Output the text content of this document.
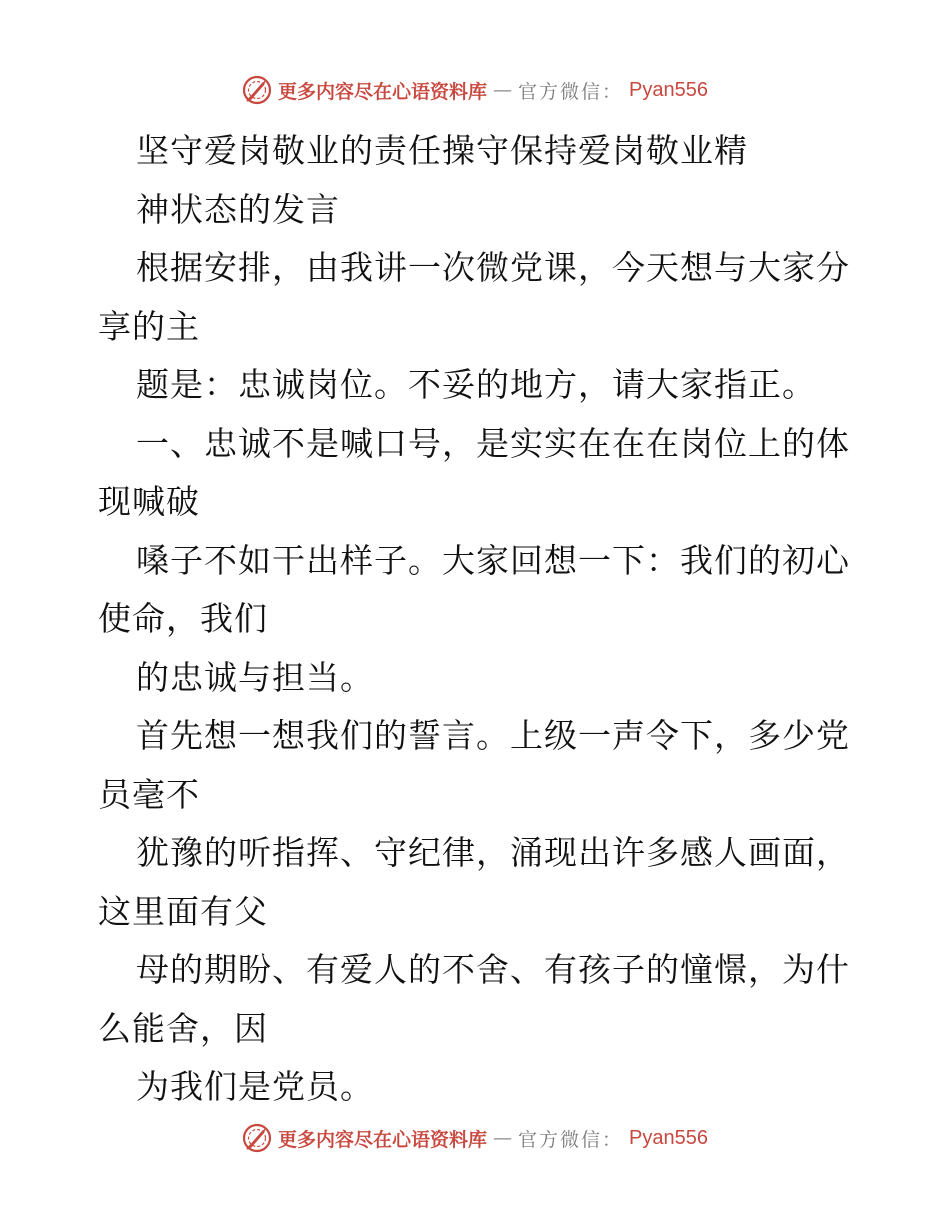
更多内容尽在心语资料库 — 官方微信： Pyan556
坚守爱岗敬业的责任操守保持爱岗敬业精
神状态的发言
根据安排，由我讲一次微党课，今天想与大家分
享的主
题是：忠诚岗位。不妥的地方，请大家指正。
一、忠诚不是喊口号，是实实在在在岗位上的体
现喊破
嗓子不如干出样子。大家回想一下：我们的初心
使命，我们
的忠诚与担当。
首先想一想我们的誓言。上级一声令下，多少党
员毫不
犹豫的听指挥、守纪律，涌现出许多感人画面，
这里面有父
母的期盼、有爱人的不舍、有孩子的憧憬，为什
么能舍，因
为我们是党员。
更多内容尽在心语资料库 — 官方微信： Pyan556
